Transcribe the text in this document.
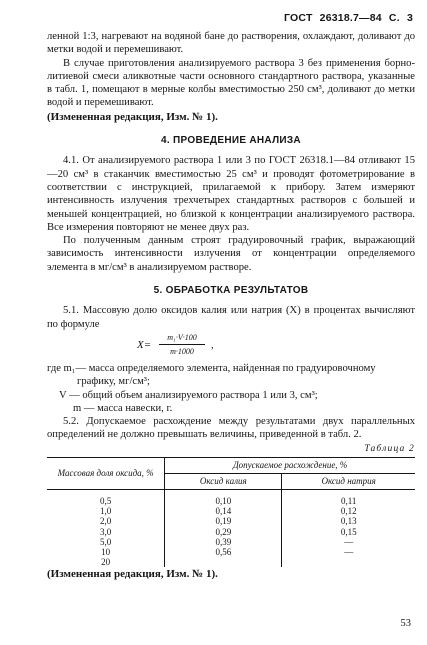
ГОСТ 26318.7—84 С. 3

ленной 1:3, нагревают на водяной бане до растворения, охлаждают, доливают до метки водой и перемешивают.

В случае приготовления анализируемого раствора 3 без применения борно-литиевой смеси аликвотные части основного стандартного раствора, указанные в табл. 1, помещают в мерные колбы вместимостью 250 см³, доливают до метки водой и перемешивают.

(Измененная редакция, Изм. № 1).

4. ПРОВЕДЕНИЕ АНАЛИЗА

4.1. От анализируемого раствора 1 или 3 по ГОСТ 26318.1—84 отливают 15—20 см³ в стаканчик вместимостью 25 см³ и проводят фотометрирование в соответствии с инструкцией, прилагаемой к прибору. Затем измеряют интенсивность излучения трехчетырех стандартных растворов с большей и меньшей концентрацией, но близкой к концентрации анализируемого раствора. Все измерения повторяют не менее двух раз.

По полученным данным строят градуировочный график, выражающий зависимость интенсивности излучения от концентрации определяемого элемента в мг/см³ в анализируемом растворе.

5. ОБРАБОТКА РЕЗУЛЬТАТОВ

5.1. Массовую долю оксидов калия или натрия (X) в процентах вычисляют по формуле

$X= \frac{\text{m₁·V·100}}{m\cdot 1000}$ ,

где m₁— масса определяемого элемента, найденная по градуировочному графику, мг/см³;

V — общий объем анализируемого раствора 1 или 3, см³;

m — масса навески, г.

5.2. Допускаемое расхождение между результатами двух параллельных определений не должно превышать величины, приведенной в табл. 2.

Таблица 2
Массовая доля оксида, %	Допускаемое расхождение, %	
	Оксид калия	Оксид натрия
0,5	0,10	0,11
1,0	0,14	0,12
2,0	0,19	0,13
3,0	0,29	0,15
5,0	0,39	—
10	0,56	—
20		

(Измененная редакция, Изм. № 1).

53
